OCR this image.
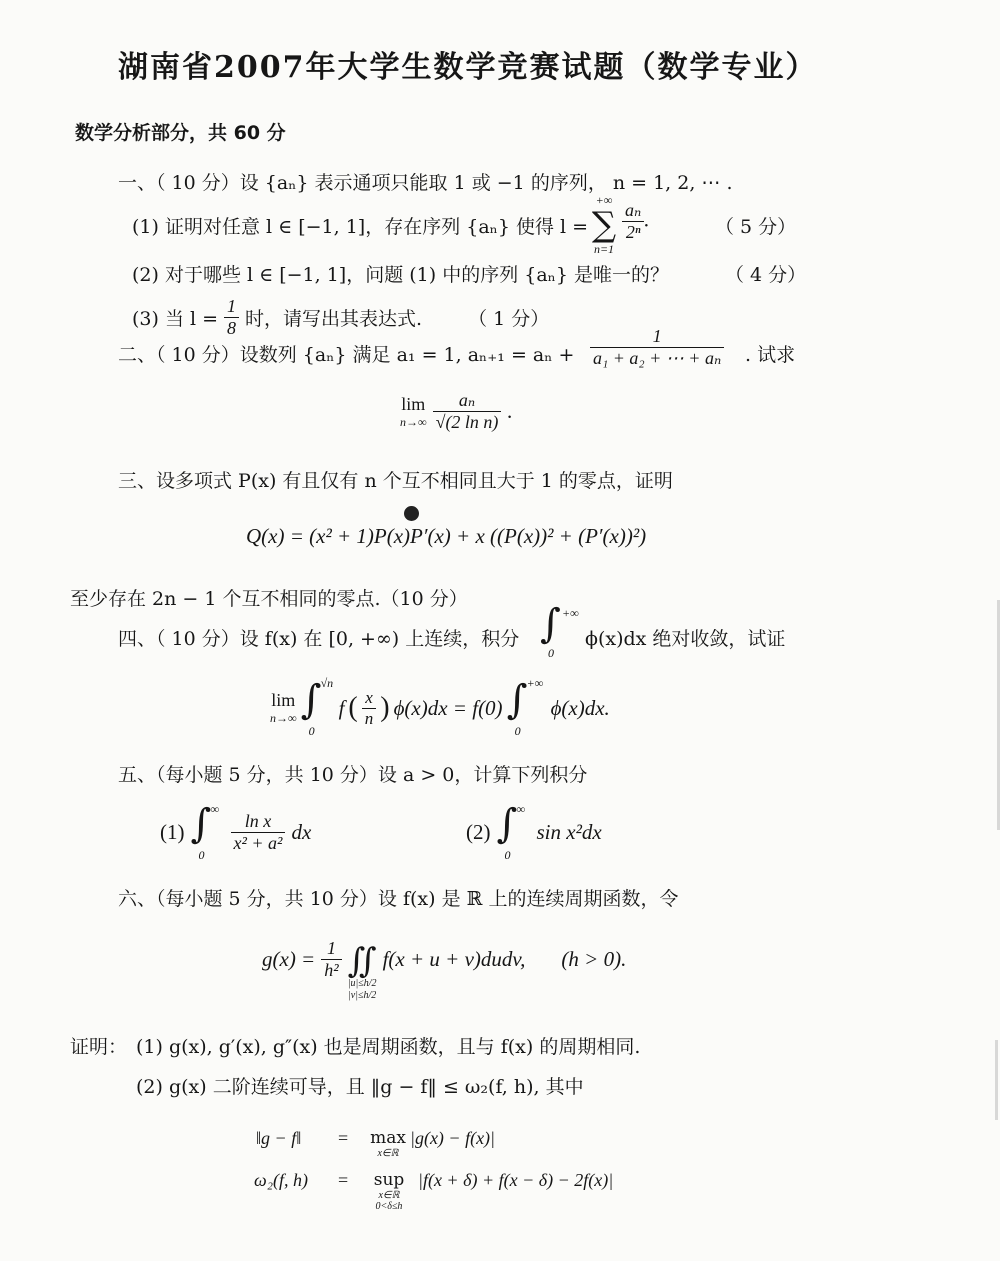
湖南省2007年大学生数学竞赛试题（数学专业）
数学分析部分，共 60 分
一、（ 10 分）设 {aₙ} 表示通项只能取 1 或 −1 的序列， n = 1, 2, ⋯ .
(1) 证明对任意 l ∈ [−1, 1]，存在序列 {aₙ} 使得 l =
+∞
∑
n=1
$\frac{\text{aₙ}}{\text{2ⁿ}}$ .	（ 5 分）
(2) 对于哪些 l ∈ [−1, 1]，问题 (1) 中的序列 {aₙ} 是唯一的？	（ 4 分）
(3) 当 $l = \frac{1}{8}$ 时，请写出其表达式. （ 1 分）
二、（ 10 分）设数列 {aₙ} 满足 a₁ = 1, $a_{n+1} = a_n + \frac{1}{\text{a₁ + a₂ + ⋯ + aₙ}}$ . 试求
lim
$n\to\infty \frac{\text{aₙ}}{\text{√(2 ln n)}}$ .
三、设多项式 P(x) 有且仅有 n 个互不相同且大于 1 的零点，证明
Q(x) = (x² + 1)P(x)P′(x) + x ((P(x))² + (P′(x))²)
至少存在 2n − 1 个互不相同的零点.（10 分）
四、（ 10 分）设 f(x) 在 [0, +∞) 上连续，积分 ∫ +∞
0
ϕ(x)dx 绝对收敛，试证
lim
n→∞ ∫ √n
0
f ( $\frac{x}{n}$ ) ϕ(x)dx = f(0) ∫ +∞
0
ϕ(x)dx.
五、（每小题 5 分，共 10 分）设 a > 0，计算下列积分
(1) ∫ ∞
0
$\frac{\text{ln x}}{\text{x² + a²}}$ dx	(2) ∫ ∞
0
sin x²dx
六、（每小题 5 分，共 10 分）设 f(x) 是 ℝ 上的连续周期函数，令
$g(x) = \frac{1}{\text{h²}}$ ∬
|u|≤h/2
|v|≤h/2
f(x + u + v)dudv, (h > 0).
证明： (1) g(x), g′(x), g″(x) 也是周期函数，且与 f(x) 的周期相同.
(2) g(x) 二阶连续可导，且 ‖g − f‖ ≤ ω₂(f, h), 其中
‖g − f‖ = max
x∈ℝ
|g(x) − f(x)|
ω₂(f, h) =	sup
x∈ℝ
0<δ≤h
|f(x + δ) + f(x − δ) − 2f(x)|
